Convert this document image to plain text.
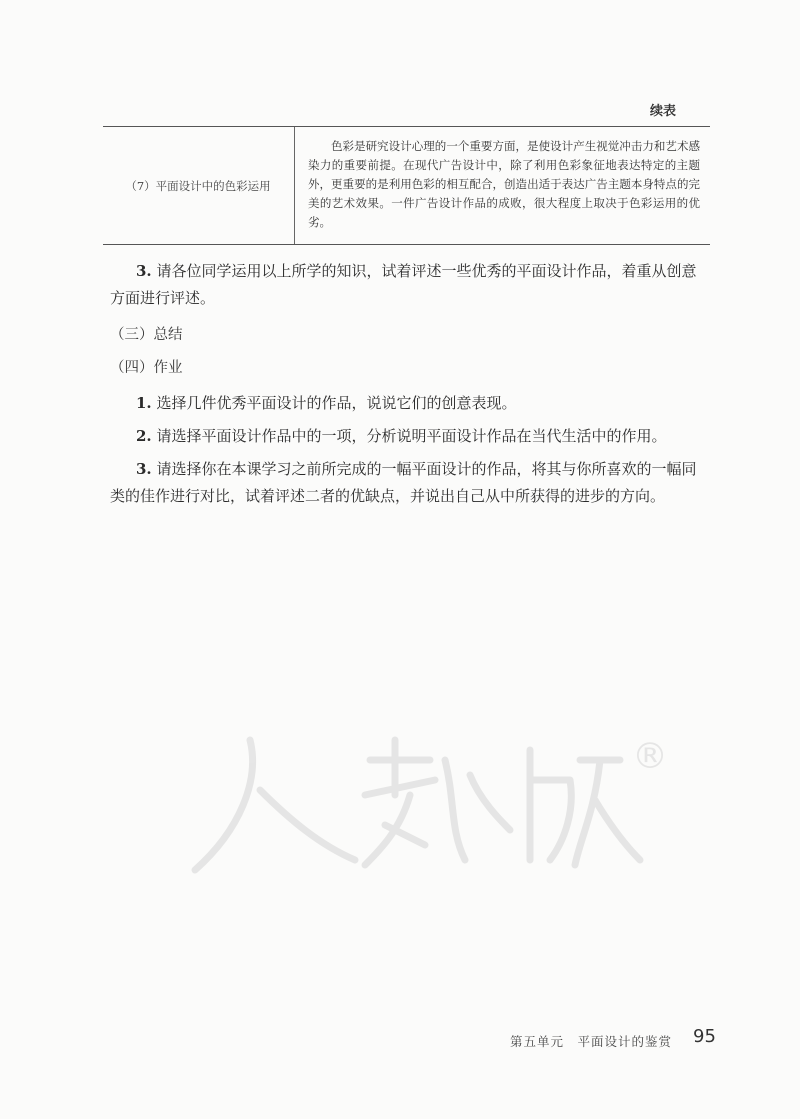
续表
（7）平面设计中的色彩运用
色彩是研究设计心理的一个重要方面，是使设计产生视觉冲击力和艺术感染力的重要前提。在现代广告设计中，除了利用色彩象征地表达特定的主题外，更重要的是利用色彩的相互配合，创造出适于表达广告主题本身特点的完美的艺术效果。一件广告设计作品的成败，很大程度上取决于色彩运用的优劣。
3. 请各位同学运用以上所学的知识，试着评述一些优秀的平面设计作品，着重从创意方面进行评述。
（三）总结
（四）作业
1. 选择几件优秀平面设计的作品，说说它们的创意表现。
2. 请选择平面设计作品中的一项，分析说明平面设计作品在当代生活中的作用。
3. 请选择你在本课学习之前所完成的一幅平面设计的作品，将其与你所喜欢的一幅同类的佳作进行对比，试着评述二者的优缺点，并说出自己从中所获得的进步的方向。
®
第五单元　平面设计的鉴赏 95
